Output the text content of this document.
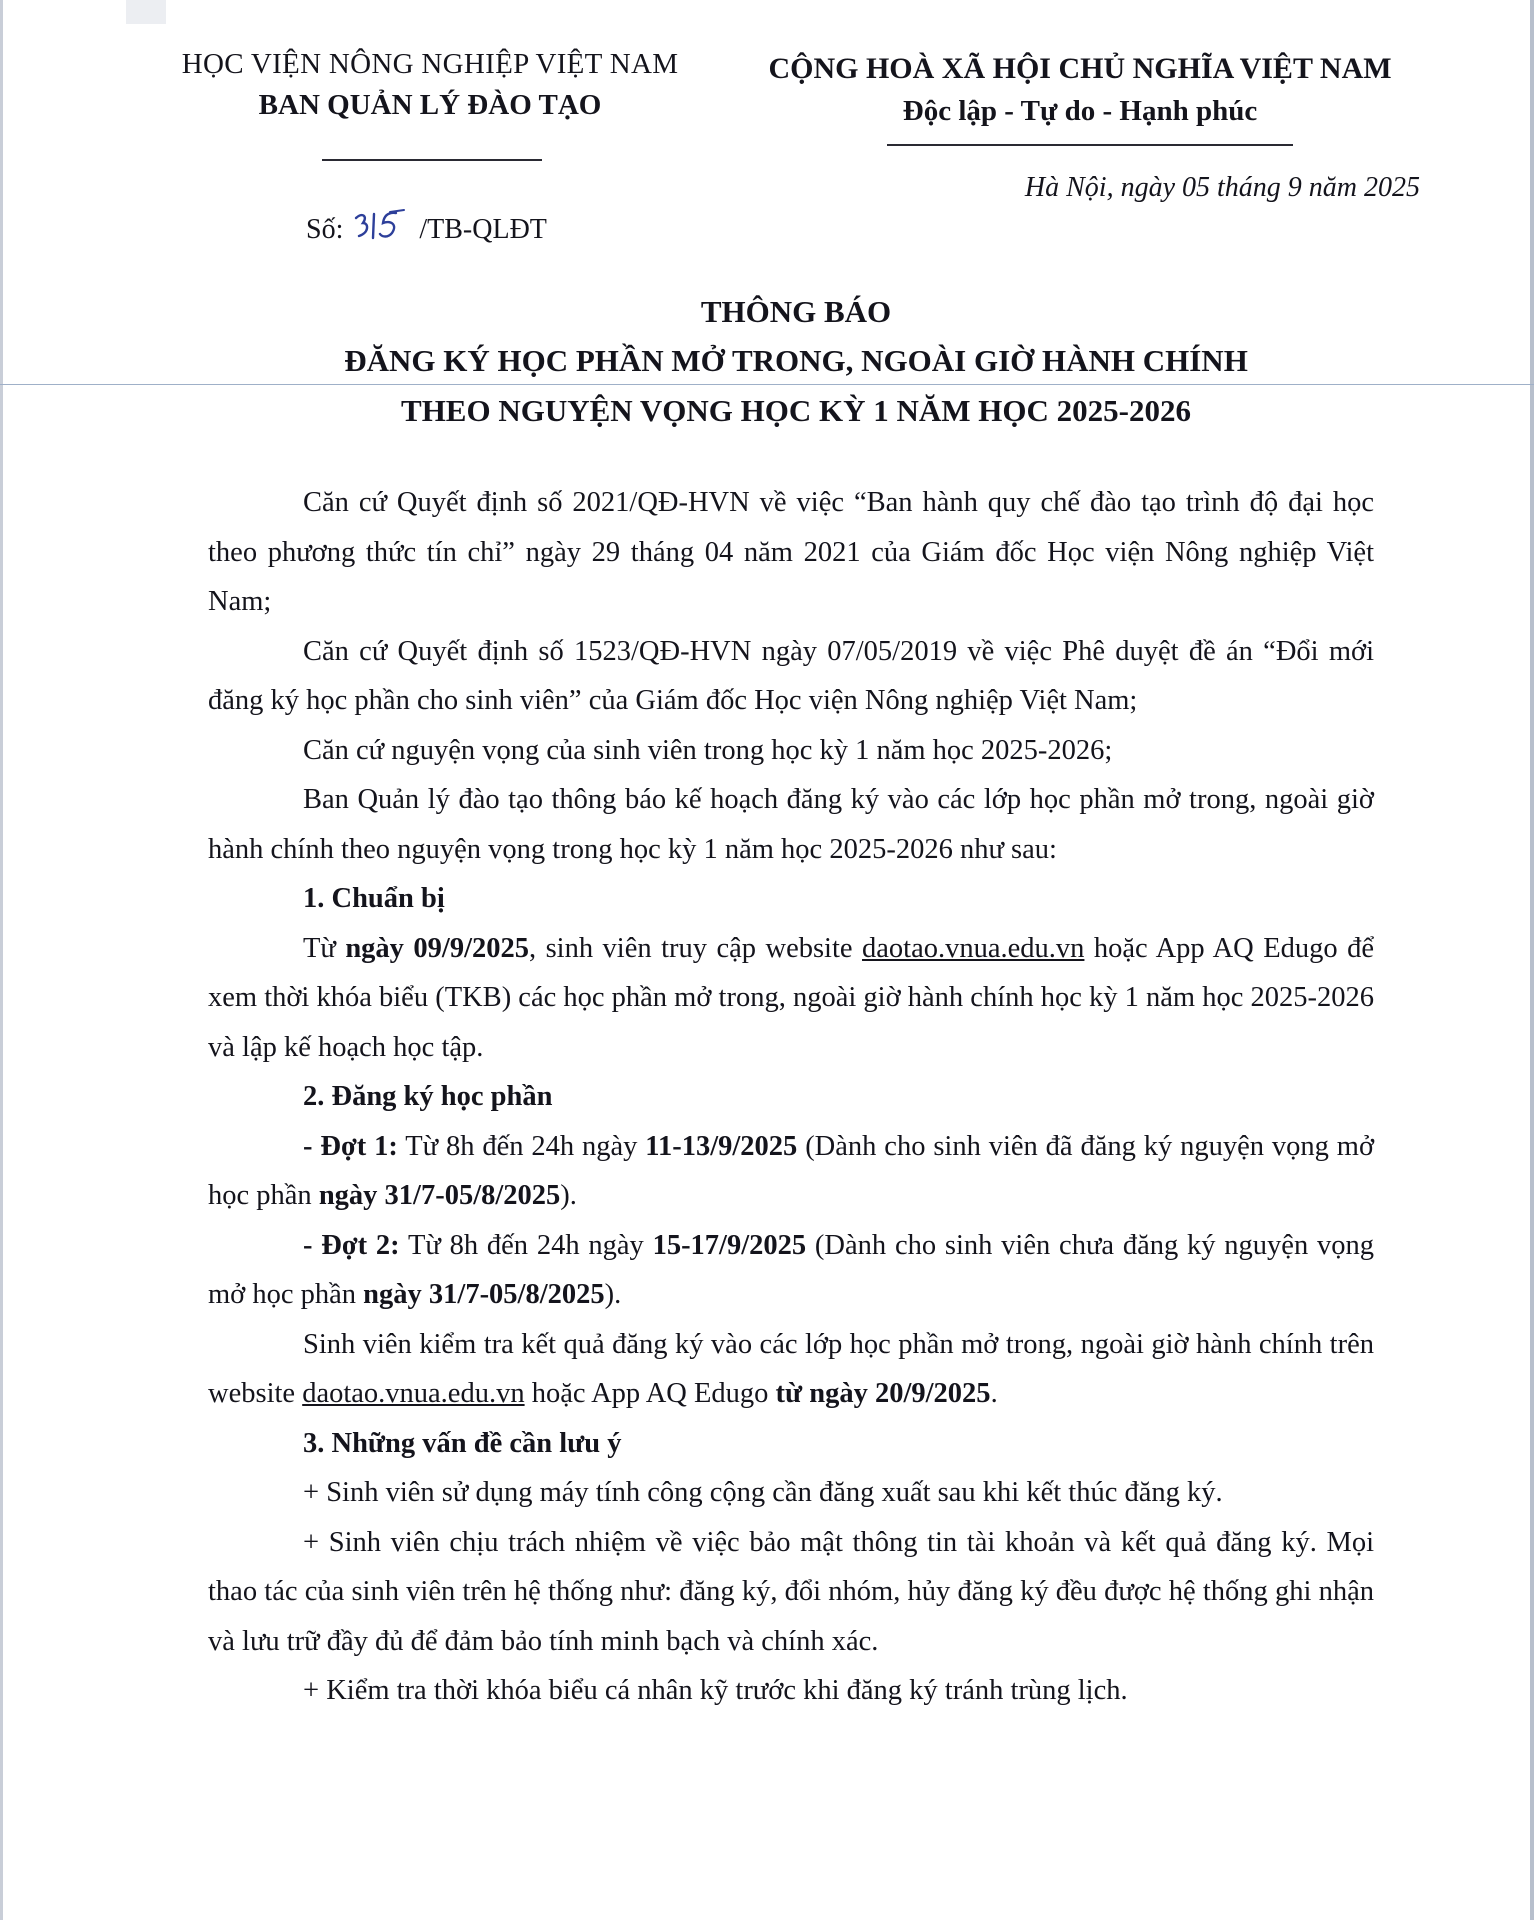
HỌC VIỆN NÔNG NGHIỆP VIỆT NAM
BAN QUẢN LÝ ĐÀO TẠO
CỘNG HOÀ XÃ HỘI CHỦ NGHĨA VIỆT NAM
Độc lập - Tự do - Hạnh phúc
Hà Nội, ngày 05 tháng 9 năm 2025
Số:	/TB-QLĐT
THÔNG BÁO
ĐĂNG KÝ HỌC PHẦN MỞ TRONG, NGOÀI GIỜ HÀNH CHÍNH
THEO NGUYỆN VỌNG HỌC KỲ 1 NĂM HỌC 2025-2026

Căn cứ Quyết định số 2021/QĐ-HVN về việc “Ban hành quy chế đào tạo trình độ đại học theo phương thức tín chỉ” ngày 29 tháng 04 năm 2021 của Giám đốc Học viện Nông nghiệp Việt Nam;

Căn cứ Quyết định số 1523/QĐ-HVN ngày 07/05/2019 về việc Phê duyệt đề án “Đổi mới đăng ký học phần cho sinh viên” của Giám đốc Học viện Nông nghiệp Việt Nam;

Căn cứ nguyện vọng của sinh viên trong học kỳ 1 năm học 2025-2026;

Ban Quản lý đào tạo thông báo kế hoạch đăng ký vào các lớp học phần mở trong, ngoài giờ hành chính theo nguyện vọng trong học kỳ 1 năm học 2025-2026 như sau:

1. Chuẩn bị

Từ ngày 09/9/2025, sinh viên truy cập website daotao.vnua.edu.vn hoặc App AQ Edugo để xem thời khóa biểu (TKB) các học phần mở trong, ngoài giờ hành chính học kỳ 1 năm học 2025-2026 và lập kế hoạch học tập.

2. Đăng ký học phần

- Đợt 1: Từ 8h đến 24h ngày 11-13/9/2025 (Dành cho sinh viên đã đăng ký nguyện vọng mở học phần ngày 31/7-05/8/2025).

- Đợt 2: Từ 8h đến 24h ngày 15-17/9/2025 (Dành cho sinh viên chưa đăng ký nguyện vọng mở học phần ngày 31/7-05/8/2025).

Sinh viên kiểm tra kết quả đăng ký vào các lớp học phần mở trong, ngoài giờ hành chính trên website daotao.vnua.edu.vn hoặc App AQ Edugo từ ngày 20/9/2025.

3. Những vấn đề cần lưu ý

+ Sinh viên sử dụng máy tính công cộng cần đăng xuất sau khi kết thúc đăng ký.

+ Sinh viên chịu trách nhiệm về việc bảo mật thông tin tài khoản và kết quả đăng ký. Mọi thao tác của sinh viên trên hệ thống như: đăng ký, đổi nhóm, hủy đăng ký đều được hệ thống ghi nhận và lưu trữ đầy đủ để đảm bảo tính minh bạch và chính xác.

+ Kiểm tra thời khóa biểu cá nhân kỹ trước khi đăng ký tránh trùng lịch.
